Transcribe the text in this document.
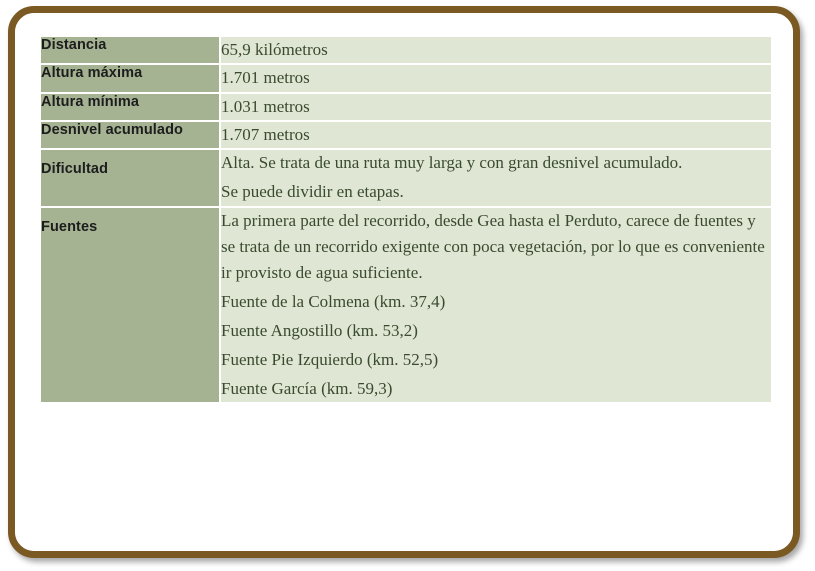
Distancia	65,9 kilómetros

Altura máxima	1.701 metros

Altura mínima	1.031 metros

Desnivel acumulado	1.707 metros

Dificultad	Alta. Se trata de una ruta muy larga y con gran desnivel acumulado.

Se puede dividir en etapas.

Fuentes	La primera parte del recorrido, desde Gea hasta el Perduto, carece de fuentes y se trata de un recorrido exigente con poca vegetación, por lo que es conveniente ir provisto de agua suficiente.

Fuente de la Colmena (km. 37,4)

Fuente Angostillo (km. 53,2)

Fuente Pie Izquierdo (km. 52,5)

Fuente García (km. 59,3)
